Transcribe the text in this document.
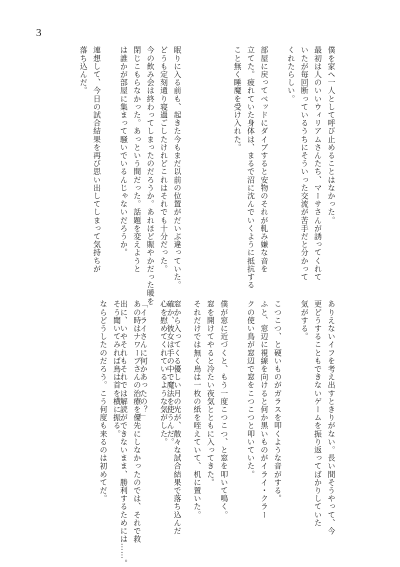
3
僕を家へ一人として呼び止めることはなかった。
最初は人のいいウィリアムさんたち、マーサさんが誘ってくれて
いたが毎回断っているうちにそういった交流が苦手だと分かって
くれたらしい。

部屋に戻ってベッドにダイブすると安物のそれが軋み嫌な音を
立てた。疲れていた身体は、まるで沼に沈んでいくように抵抗する
こと無く睡魔を受け入れた。
眠りに入る前も、起きた今もまだ以前の位置がだいぶ違っていた。
どうも定刻通り寝過ごしたけれどこれはそれでも十分だった。
今の飲み会は終わってしまったのだろうか。あれほど賑やかだった暖を
閉じこもらなかった。あっという間だった。話題を変えようと
は誰かが部屋に集まって騒いでいるんじゃないだろうか。

連想して、今日の試合結果を再び思い出してしまって気持ちが
落ち込んだ。
ありえないイフを考え出すときりがない。長い間そうやって、今
更どうすることもできないゲームを振り返ってばかりしていた
気がする。

こつこつ、と硬いものがガラスを叩くような音がする。
ふと、窓辺に視線を向けると何か黒いものがイライ・クラー
クの使い鳥が窓辺で窓をこつこつと叩いていた。

僕が窓に近づくと、もう一度こつこつ、と窓を叩いて鳴く。
窓を開けてやると冷たい夜気とともに入ってきた。
それだけでは無く鳥は一枚の紙を咥えていて、机に置いた。

確か、彼女は手の中で魔法を使うんだ。

「イライさんに何かあったの？」

そう聞いてみれば鳥は首を横に振る。
ならどうしたのだろう。こう何度も来るのは初めてだ。	窓から入ってくる優しい月の光が、散々な試合結果で落ち込んだ
心を慰めてくれているような気がした。

あの時はナワーブさんの治療を優先にしなかったのでは、それで救
出に、いやそれもそれでは解読ができないまま、勝利するためには……。
